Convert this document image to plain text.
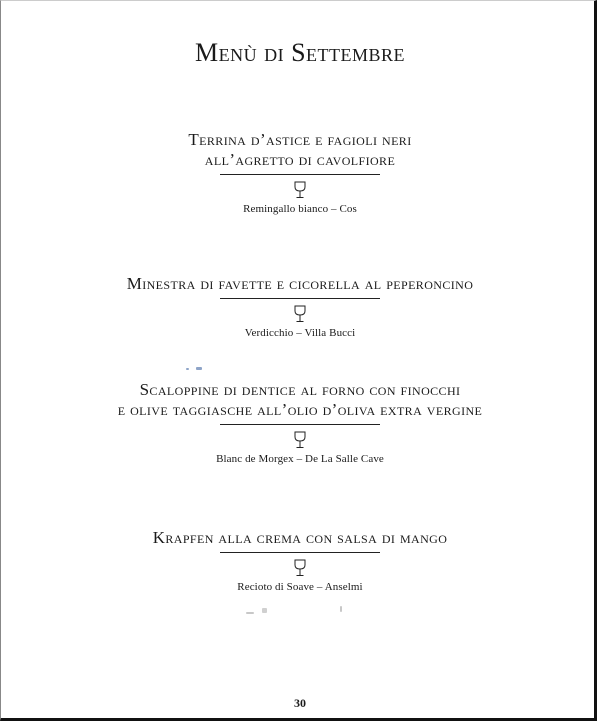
Menù di Settembre

Terrina d’astice e fagioli neri
all’agretto di cavolfiore

Remingallo bianco – Cos

Minestra di favette e cicorella al peperoncino

Verdicchio – Villa Bucci

Scaloppine di dentice al forno con finocchi
e olive taggiasche all’olio d’oliva extra vergine

Blanc de Morgex – De La Salle Cave

Krapfen alla crema con salsa di mango

Recioto di Soave – Anselmi
30
